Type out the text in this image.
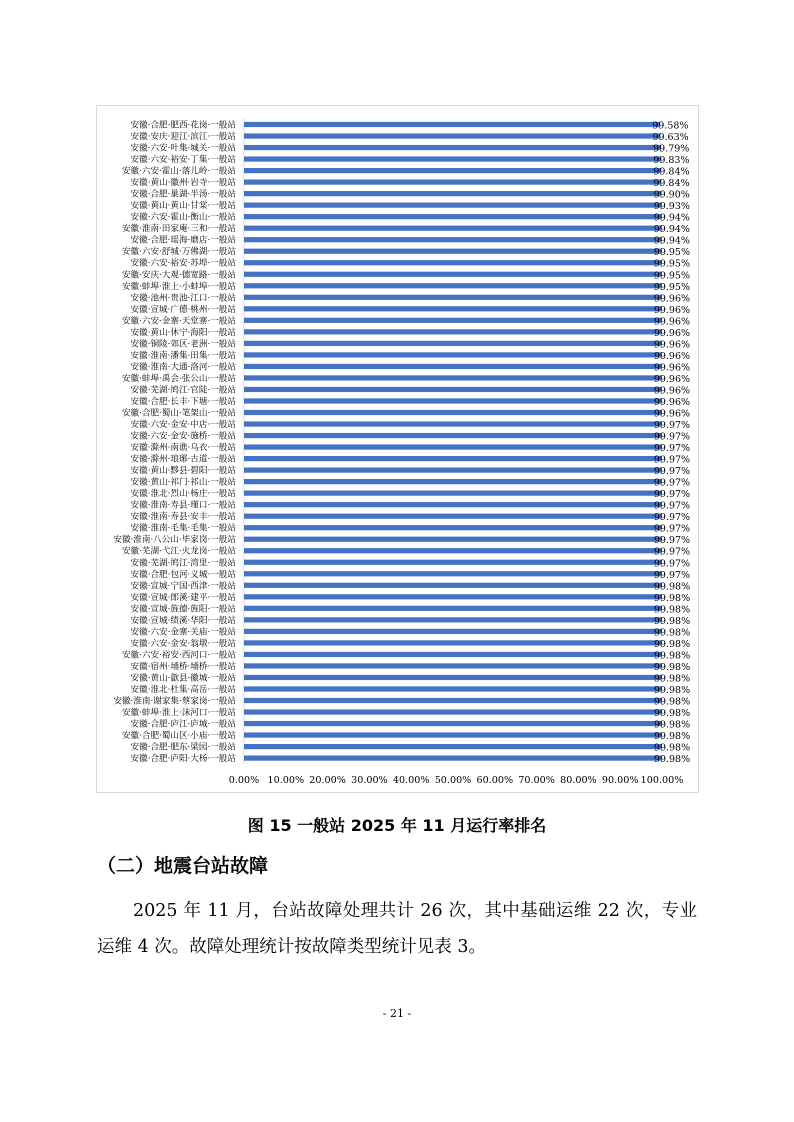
安徽·合肥·肥西·花岗·一般站	99.58%
安徽·安庆·迎江·滨江·一般站	99.63%
安徽·六安·叶集·城关·一般站	99.79%
安徽·六安·裕安·丁集·一般站	99.83%
安徽·六安·霍山·落儿岭·一般站	99.84%
安徽·黄山·徽州·岩寺·一般站	99.84%
安徽·合肥·巢湖·半汤·一般站	99.90%
安徽·黄山·黄山·甘棠·一般站	99.93%
安徽·六安·霍山·衡山·一般站	99.94%
安徽·淮南·田家庵·三和·一般站	99.94%
安徽·合肥·瑶海·磨店·一般站	99.94%
安徽·六安·舒城·万佛湖·一般站	99.95%
安徽·六安·裕安·苏埠·一般站	99.95%
安徽·安庆·大观·德宽路·一般站	99.95%
安徽·蚌埠·淮上·小蚌埠·一般站	99.95%
安徽·池州·贵池·江口·一般站	99.96%
安徽·宣城·广德·桃州·一般站	99.96%
安徽·六安·金寨·天堂寨·一般站	99.96%
安徽·黄山·休宁·海阳·一般站	99.96%
安徽·铜陵·郊区·老洲·一般站	99.96%
安徽·淮南·潘集·田集·一般站	99.96%
安徽·淮南·大通·洛河·一般站	99.96%
安徽·蚌埠·禹会·张公山·一般站	99.96%
安徽·芜湖·鸠江·官陡·一般站	99.96%
安徽·合肥·长丰·下塘·一般站	99.96%
安徽·合肥·蜀山·笔架山·一般站	99.96%
安徽·六安·金安·中店·一般站	99.97%
安徽·六安·金安·施桥·一般站	99.97%
安徽·滁州·南谯·乌衣·一般站	99.97%
安徽·滁州·琅琊·古道·一般站	99.97%
安徽·黄山·黟县·碧阳·一般站	99.97%
安徽·黄山·祁门·祁山·一般站	99.97%
安徽·淮北·烈山·杨庄·一般站	99.97%
安徽·淮南·寿县·瑾口·一般站	99.97%
安徽·淮南·寿县·安丰·一般站	99.97%
安徽·淮南·毛集·毛集·一般站	99.97%
安徽·淮南·八公山·毕家岗·一般站	99.97%
安徽·芜湖·弋江·火龙岗·一般站	99.97%
安徽·芜湖·鸠江·湾里·一般站	99.97%
安徽·合肥·包河·义城·一般站	99.97%
安徽·宣城·宁国·西津·一般站	99.98%
安徽·宣城·郎溪·建平·一般站	99.98%
安徽·宣城·旌德·旌阳·一般站	99.98%
安徽·宣城·绩溪·华阳·一般站	99.98%
安徽·六安·金寨·关庙·一般站	99.98%
安徽·六安·金安·翁墩·一般站	99.98%
安徽·六安·裕安·西河口·一般站	99.98%
安徽·宿州·埇桥·埇桥·一般站	99.98%
安徽·黄山·歙县·徽城·一般站	99.98%
安徽·淮北·杜集·高岳·一般站	99.98%
安徽·淮南·谢家集·蔡家岗·一般站	99.98%
安徽·蚌埠·淮上·沫河口·一般站	99.98%
安徽·合肥·庐江·庐城·一般站	99.98%
安徽·合肥·蜀山区·小庙·一般站	99.98%
安徽·合肥·肥东·梁园·一般站	99.98%
安徽·合肥·庐阳·大杨·一般站	99.98%
0.00% 10.00% 20.00% 30.00% 40.00% 50.00% 60.00% 70.00% 80.00% 90.00% 100.00%
图 15 一般站 2025 年 11 月运行率排名
（二）地震台站故障
2025 年 11 月，台站故障处理共计 26 次，其中基础运维 22 次，专业运维 4 次。故障处理统计按故障类型统计见表 3。
- 21 -
